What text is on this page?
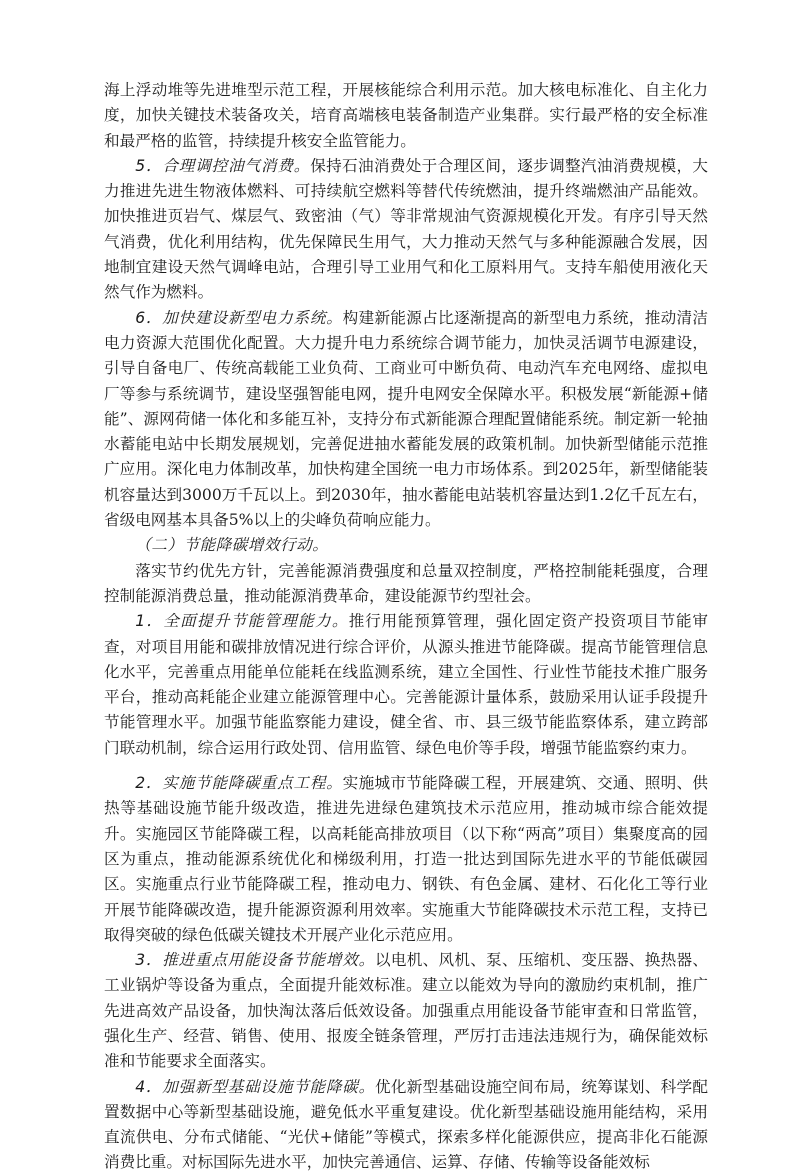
海上浮动堆等先进堆型示范工程，开展核能综合利用示范。加大核电标准化、自主化力度，加快关键技术装备攻关，培育高端核电装备制造产业集群。实行最严格的安全标准和最严格的监管，持续提升核安全监管能力。

5．合理调控油气消费。保持石油消费处于合理区间，逐步调整汽油消费规模，大力推进先进生物液体燃料、可持续航空燃料等替代传统燃油，提升终端燃油产品能效。加快推进页岩气、煤层气、致密油（气）等非常规油气资源规模化开发。有序引导天然气消费，优化利用结构，优先保障民生用气，大力推动天然气与多种能源融合发展，因地制宜建设天然气调峰电站，合理引导工业用气和化工原料用气。支持车船使用液化天然气作为燃料。

6．加快建设新型电力系统。构建新能源占比逐渐提高的新型电力系统，推动清洁电力资源大范围优化配置。大力提升电力系统综合调节能力，加快灵活调节电源建设，引导自备电厂、传统高载能工业负荷、工商业可中断负荷、电动汽车充电网络、虚拟电厂等参与系统调节，建设坚强智能电网，提升电网安全保障水平。积极发展“新能源+储能”、源网荷储一体化和多能互补，支持分布式新能源合理配置储能系统。制定新一轮抽水蓄能电站中长期发展规划，完善促进抽水蓄能发展的政策机制。加快新型储能示范推广应用。深化电力体制改革，加快构建全国统一电力市场体系。到2025年，新型储能装机容量达到3000万千瓦以上。到2030年，抽水蓄能电站装机容量达到1.2亿千瓦左右，省级电网基本具备5%以上的尖峰负荷响应能力。

（二）节能降碳增效行动。

落实节约优先方针，完善能源消费强度和总量双控制度，严格控制能耗强度，合理控制能源消费总量，推动能源消费革命，建设能源节约型社会。

1．全面提升节能管理能力。推行用能预算管理，强化固定资产投资项目节能审查，对项目用能和碳排放情况进行综合评价，从源头推进节能降碳。提高节能管理信息化水平，完善重点用能单位能耗在线监测系统，建立全国性、行业性节能技术推广服务平台，推动高耗能企业建立能源管理中心。完善能源计量体系，鼓励采用认证手段提升节能管理水平。加强节能监察能力建设，健全省、市、县三级节能监察体系，建立跨部门联动机制，综合运用行政处罚、信用监管、绿色电价等手段，增强节能监察约束力。

2．实施节能降碳重点工程。实施城市节能降碳工程，开展建筑、交通、照明、供热等基础设施节能升级改造，推进先进绿色建筑技术示范应用，推动城市综合能效提升。实施园区节能降碳工程，以高耗能高排放项目（以下称“两高”项目）集聚度高的园区为重点，推动能源系统优化和梯级利用，打造一批达到国际先进水平的节能低碳园区。实施重点行业节能降碳工程，推动电力、钢铁、有色金属、建材、石化化工等行业开展节能降碳改造，提升能源资源利用效率。实施重大节能降碳技术示范工程，支持已取得突破的绿色低碳关键技术开展产业化示范应用。

3．推进重点用能设备节能增效。以电机、风机、泵、压缩机、变压器、换热器、工业锅炉等设备为重点，全面提升能效标准。建立以能效为导向的激励约束机制，推广先进高效产品设备，加快淘汰落后低效设备。加强重点用能设备节能审查和日常监管，强化生产、经营、销售、使用、报废全链条管理，严厉打击违法违规行为，确保能效标准和节能要求全面落实。

4．加强新型基础设施节能降碳。优化新型基础设施空间布局，统筹谋划、科学配置数据中心等新型基础设施，避免低水平重复建设。优化新型基础设施用能结构，采用直流供电、分布式储能、“光伏+储能”等模式，探索多样化能源供应，提高非化石能源消费比重。对标国际先进水平，加快完善通信、运算、存储、传输等设备能效标
